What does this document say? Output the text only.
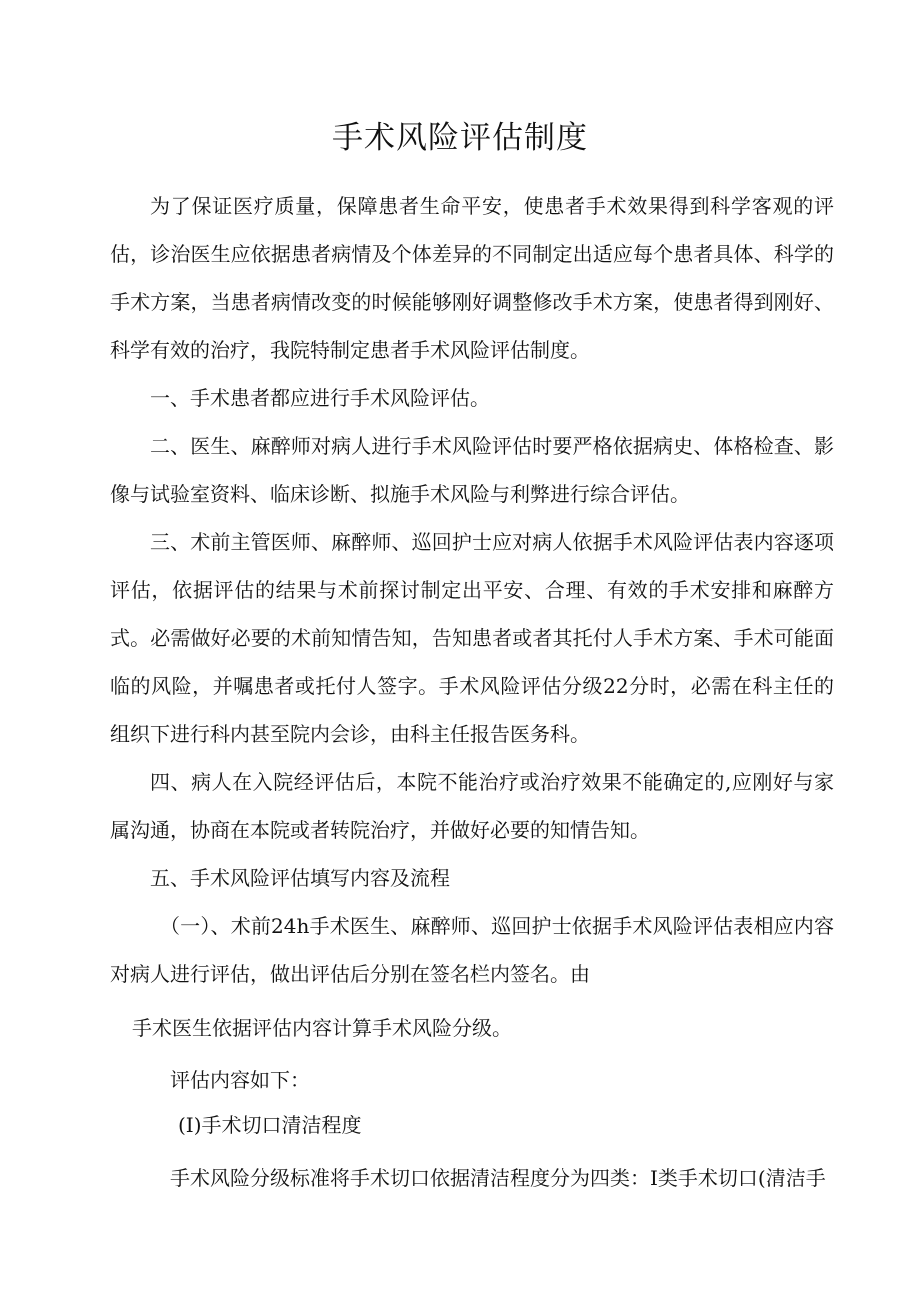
手术风险评估制度

为了保证医疗质量，保障患者生命平安，使患者手术效果得到科学客观的评估，诊治医生应依据患者病情及个体差异的不同制定出适应每个患者具体、科学的手术方案，当患者病情改变的时候能够刚好调整修改手术方案，使患者得到刚好、科学有效的治疗，我院特制定患者手术风险评估制度。

一、手术患者都应进行手术风险评估。

二、医生、麻醉师对病人进行手术风险评估时要严格依据病史、体格检查、影像与试验室资料、临床诊断、拟施手术风险与利弊进行综合评估。

三、术前主管医师、麻醉师、巡回护士应对病人依据手术风险评估表内容逐项评估，依据评估的结果与术前探讨制定出平安、合理、有效的手术安排和麻醉方式。必需做好必要的术前知情告知，告知患者或者其托付人手术方案、手术可能面临的风险，并嘱患者或托付人签字。手术风险评估分级22分时，必需在科主任的组织下进行科内甚至院内会诊，由科主任报告医务科。

四、病人在入院经评估后，本院不能治疗或治疗效果不能确定的,应刚好与家属沟通，协商在本院或者转院治疗，并做好必要的知情告知。

五、手术风险评估填写内容及流程

（一）、术前24h手术医生、麻醉师、巡回护士依据手术风险评估表相应内容对病人进行评估，做出评估后分别在签名栏内签名。由

手术医生依据评估内容计算手术风险分级。

评估内容如下：

(I)手术切口清洁程度

手术风险分级标准将手术切口依据清洁程度分为四类：I类手术切口(清洁手
